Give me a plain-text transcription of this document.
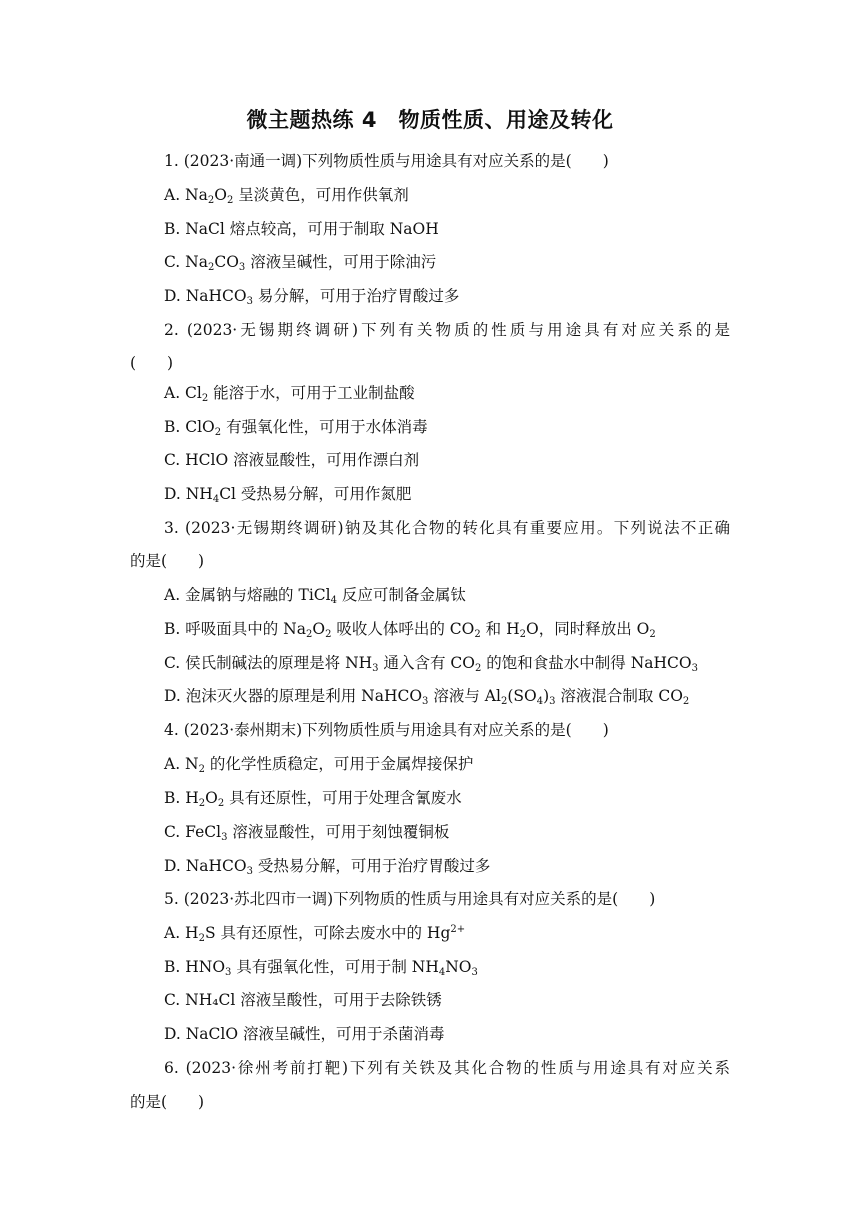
微主题热练 4　物质性质、用途及转化
1. (2023·南通一调)下列物质性质与用途具有对应关系的是(　　)
A. $Na_2O_2$ 呈淡黄色，可用作供氧剂
B. NaCl 熔点较高，可用于制取 NaOH
C. $Na_2CO_3$ 溶液呈碱性，可用于除油污
D. NaHCO$_3$ 易分解，可用于治疗胃酸过多
2. (2023·无锡期终调研)下列有关物质的性质与用途具有对应关系的是
(　　)
A. $Cl_2$ 能溶于水，可用于工业制盐酸
B. ClO$_2$ 有强氧化性，可用于水体消毒
C. HClO 溶液显酸性，可用作漂白剂
D. $NH_4Cl$ 受热易分解，可用作氮肥
3. (2023·无锡期终调研)钠及其化合物的转化具有重要应用。下列说法不正确
的是(　　)
A. 金属钠与熔融的 TiCl$_4$ 反应可制备金属钛
B. 呼吸面具中的 $Na_2O_2$ 吸收人体呼出的 $CO_2$ 和 $H_2O$，同时释放出 $O_2$
C. 侯氏制碱法的原理是将 $NH_3$ 通入含有 $CO_2$ 的饱和食盐水中制得 NaHCO$_3$
D. 泡沫灭火器的原理是利用 NaHCO$_3$ 溶液与 $Al_2(SO_4)_3$ 溶液混合制取 $CO_2$
4. (2023·泰州期末)下列物质性质与用途具有对应关系的是(　　)
A. $N_2$ 的化学性质稳定，可用于金属焊接保护
B. $H_2O_2$ 具有还原性，可用于处理含氰废水
C. FeCl$_3$ 溶液显酸性，可用于刻蚀覆铜板
D. NaHCO$_3$ 受热易分解，可用于治疗胃酸过多
5. (2023·苏北四市一调)下列物质的性质与用途具有对应关系的是(　　)
A. $H_2S$ 具有还原性，可除去废水中的 $Hg^{2+}$
B. $HNO_3$ 具有强氧化性，可用于制 $NH_4NO_3$
C. NH₄Cl 溶液呈酸性，可用于去除铁锈
D. NaClO 溶液呈碱性，可用于杀菌消毒
6. (2023·徐州考前打靶)下列有关铁及其化合物的性质与用途具有对应关系
的是(　　)
